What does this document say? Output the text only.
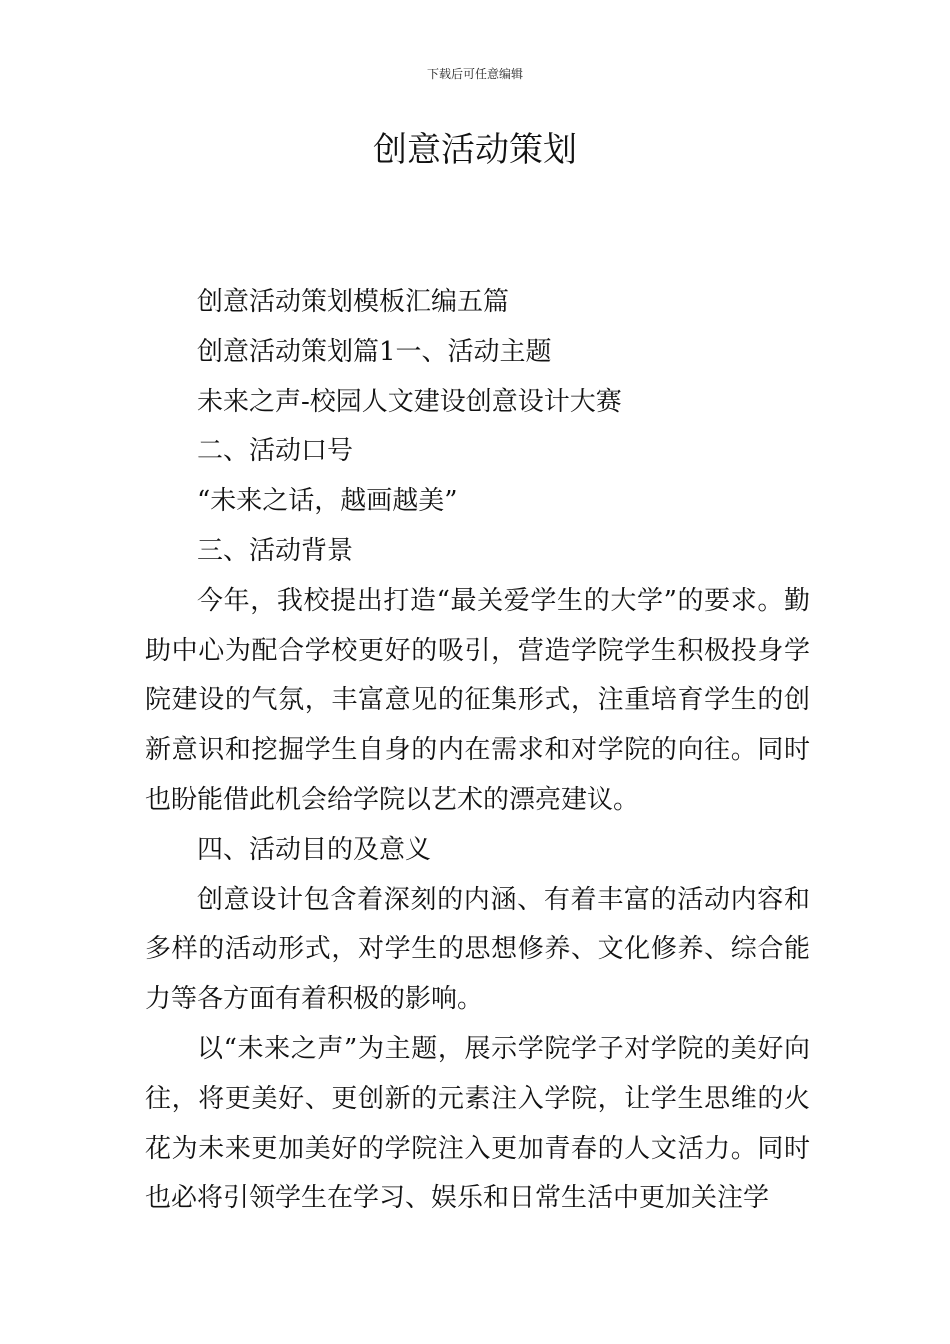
下载后可任意编辑
创意活动策划

创意活动策划模板汇编五篇

创意活动策划篇1一、活动主题

未来之声-校园人文建设创意设计大赛

二、活动口号

“未来之话，越画越美”

三、活动背景

今年，我校提出打造“最关爱学生的大学”的要求。勤助中心为配合学校更好的吸引，营造学院学生积极投身学院建设的气氛，丰富意见的征集形式，注重培育学生的创新意识和挖掘学生自身的内在需求和对学院的向往。同时也盼能借此机会给学院以艺术的漂亮建议。

四、活动目的及意义

创意设计包含着深刻的内涵、有着丰富的活动内容和多样的活动形式，对学生的思想修养、文化修养、综合能力等各方面有着积极的影响。

以“未来之声”为主题，展示学院学子对学院的美好向往，将更美好、更创新的元素注入学院，让学生思维的火花为未来更加美好的学院注入更加青春的人文活力。同时也必将引领学生在学习、娱乐和日常生活中更加关注学
